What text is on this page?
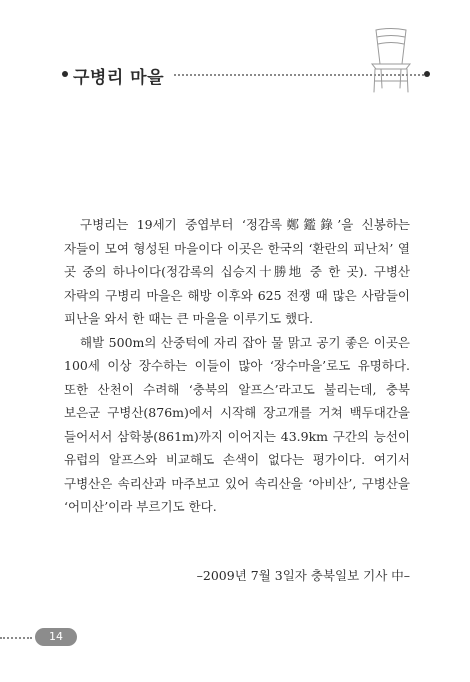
구병리 마을

구병리는 19세기 중엽부터 ‘정감록鄭鑑錄’을 신봉하는 자들이 모여 형성된 마을이다 이곳은 한국의 ‘환란의 피난처’ 열 곳 중의 하나이다(정감록의 십승지十勝地 중 한 곳). 구병산 자락의 구병리 마을은 해방 이후와 625 전쟁 때 많은 사람들이 피난을 와서 한 때는 큰 마을을 이루기도 했다.

해발 500m의 산중턱에 자리 잡아 물 맑고 공기 좋은 이곳은 100세 이상 장수하는 이들이 많아 ‘장수마을’로도 유명하다. 또한 산천이 수려해 ‘충북의 알프스’라고도 불리는데, 충북 보은군 구병산(876m)에서 시작해 장고개를 거쳐 백두대간을 들어서서 삼학봉(861m)까지 이어지는 43.9km 구간의 능선이 유럽의 알프스와 비교해도 손색이 없다는 평가이다. 여기서 구병산은 속리산과 마주보고 있어 속리산을 ‘아비산’, 구병산을 ‘어미산’이라 부르기도 한다.

–2009년 7월 3일자 충북일보 기사 中–
14
